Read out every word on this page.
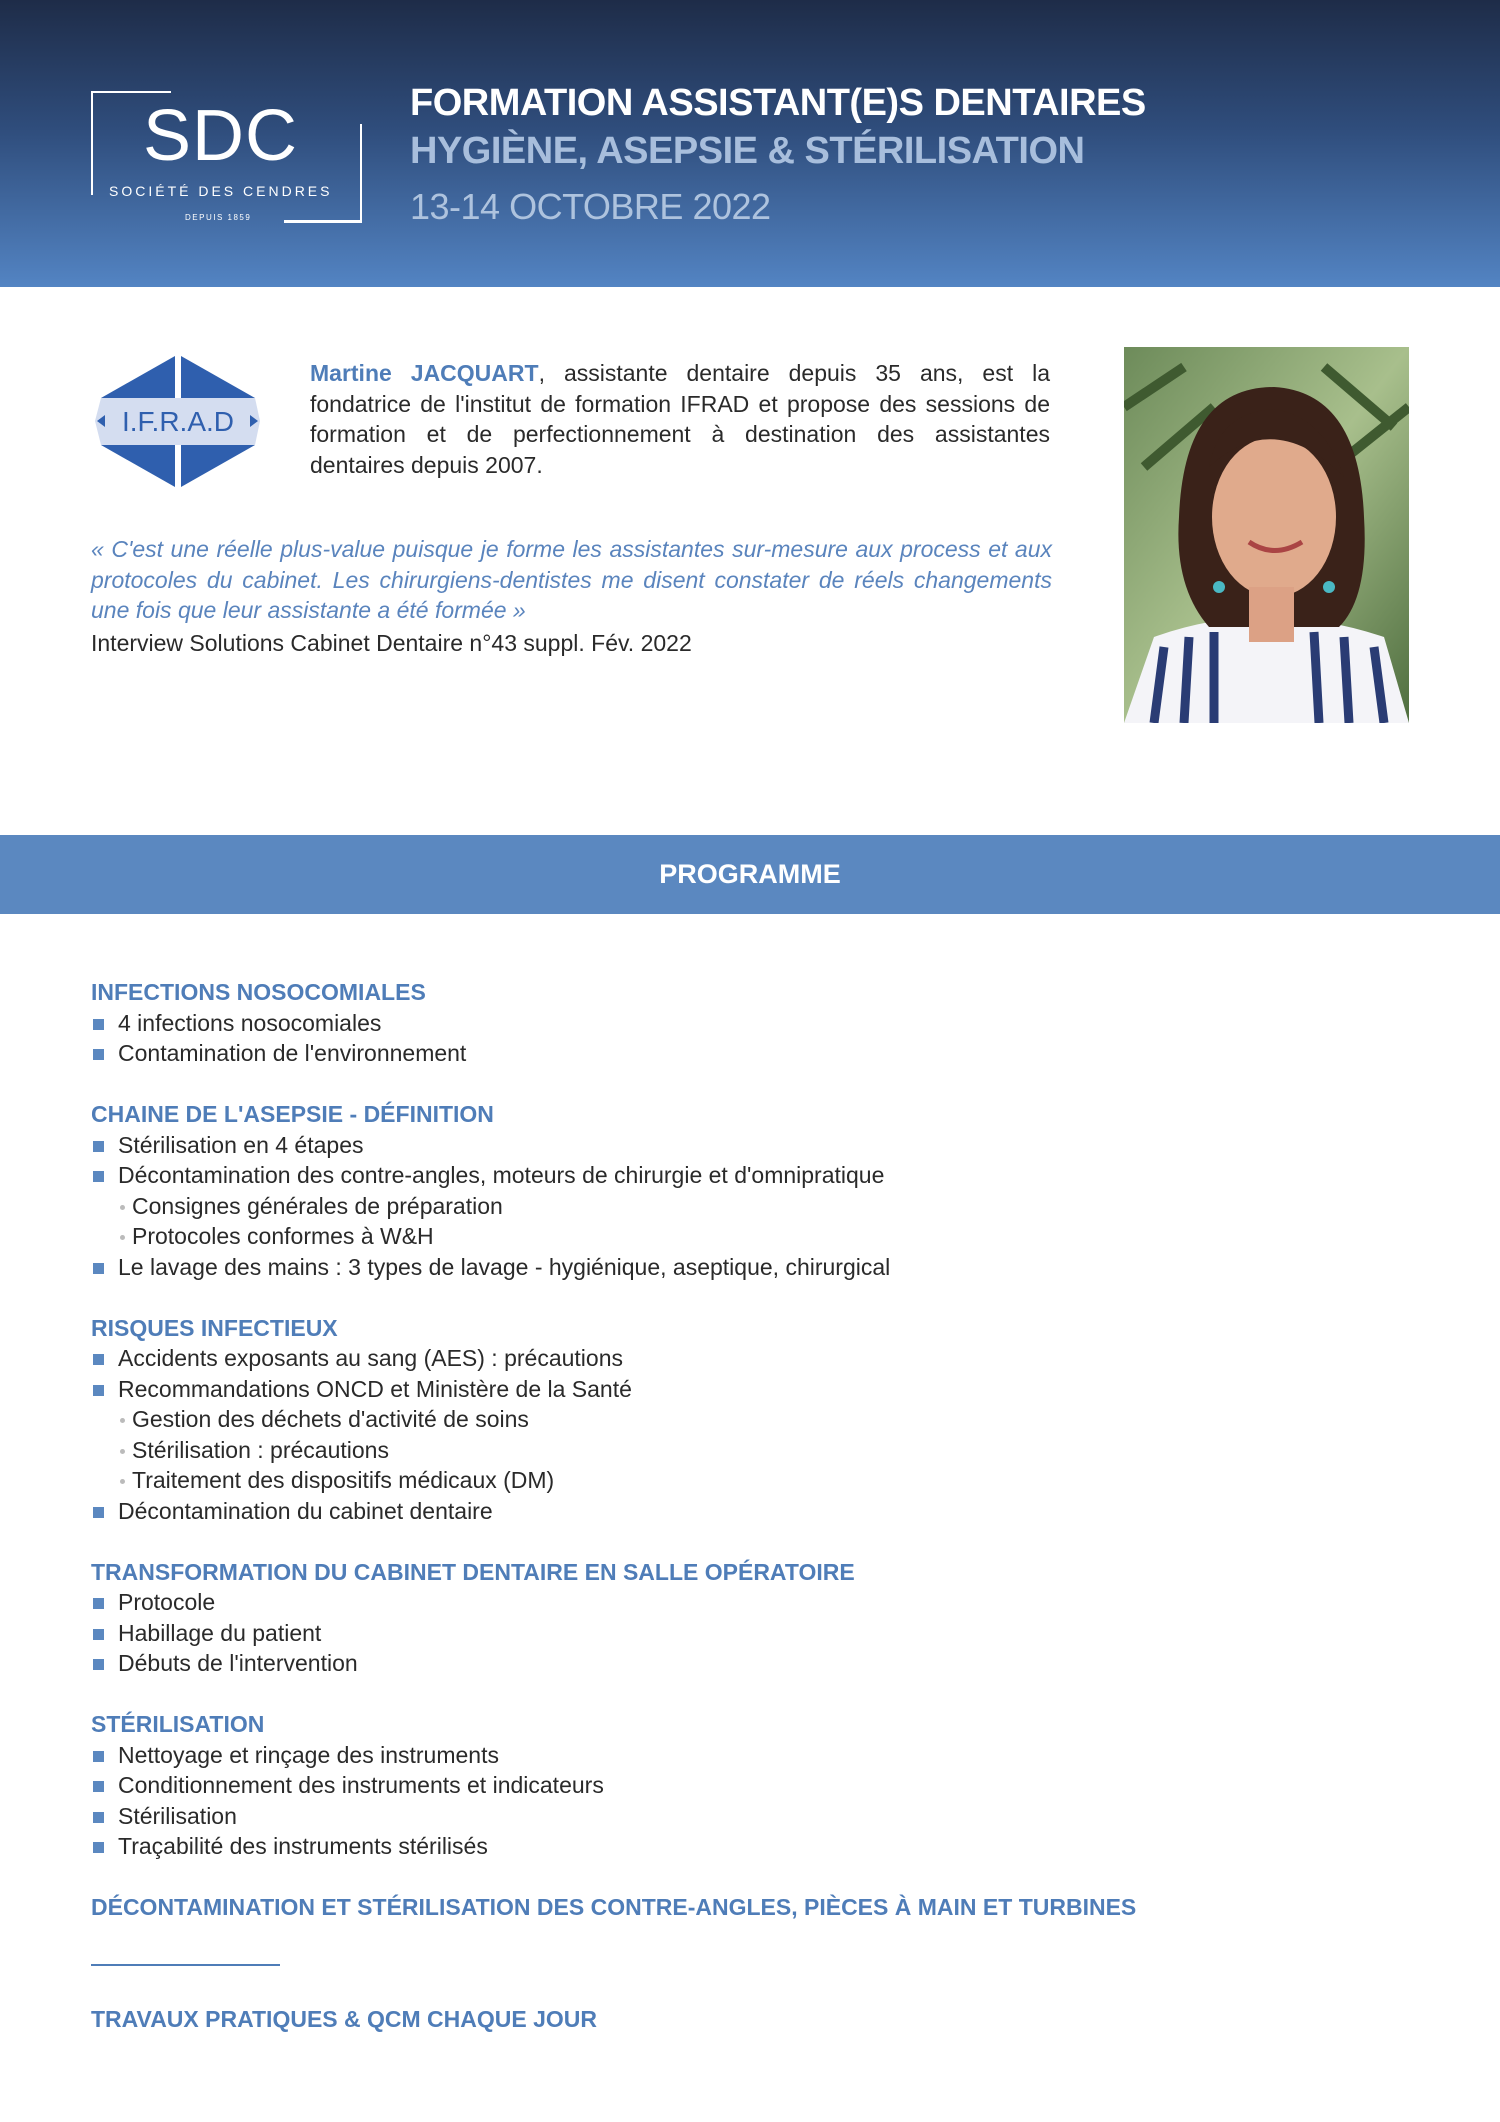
SDC
SOCIÉTÉ DES CENDRES
DEPUIS 1859
FORMATION ASSISTANT(E)S DENTAIRES
HYGIÈNE, ASEPSIE & STÉRILISATION
13-14 OCTOBRE 2022
I.F.R.A.D
Martine JACQUART, assistante dentaire depuis 35 ans, est la fondatrice de l'institut de formation IFRAD et propose des sessions de formation et de perfectionnement à destination des assistantes dentaires depuis 2007.
« C'est une réelle plus-value puisque je forme les assistantes sur-mesure aux process et aux protocoles du cabinet. Les chirurgiens-dentistes me disent constater de réels changements une fois que leur assistante a été formée »
Interview Solutions Cabinet Dentaire n°43 suppl. Fév. 2022
PROGRAMME
INFECTIONS NOSOCOMIALES
4 infections nosocomiales
Contamination de l'environnement
CHAINE DE L'ASEPSIE - DÉFINITION
Stérilisation en 4 étapes
Décontamination des contre-angles, moteurs de chirurgie et d'omnipratique
Consignes générales de préparation
Protocoles conformes à W&H
Le lavage des mains : 3 types de lavage - hygiénique, aseptique, chirurgical
RISQUES INFECTIEUX
Accidents exposants au sang (AES) : précautions
Recommandations ONCD et Ministère de la Santé
Gestion des déchets d'activité de soins
Stérilisation : précautions
Traitement des dispositifs médicaux (DM)
Décontamination du cabinet dentaire
TRANSFORMATION DU CABINET DENTAIRE EN SALLE OPÉRATOIRE
Protocole
Habillage du patient
Débuts de l'intervention
STÉRILISATION
Nettoyage et rinçage des instruments
Conditionnement des instruments et indicateurs
Stérilisation
Traçabilité des instruments stérilisés
DÉCONTAMINATION ET STÉRILISATION DES CONTRE-ANGLES, PIÈCES À MAIN ET TURBINES
TRAVAUX PRATIQUES & QCM CHAQUE JOUR
